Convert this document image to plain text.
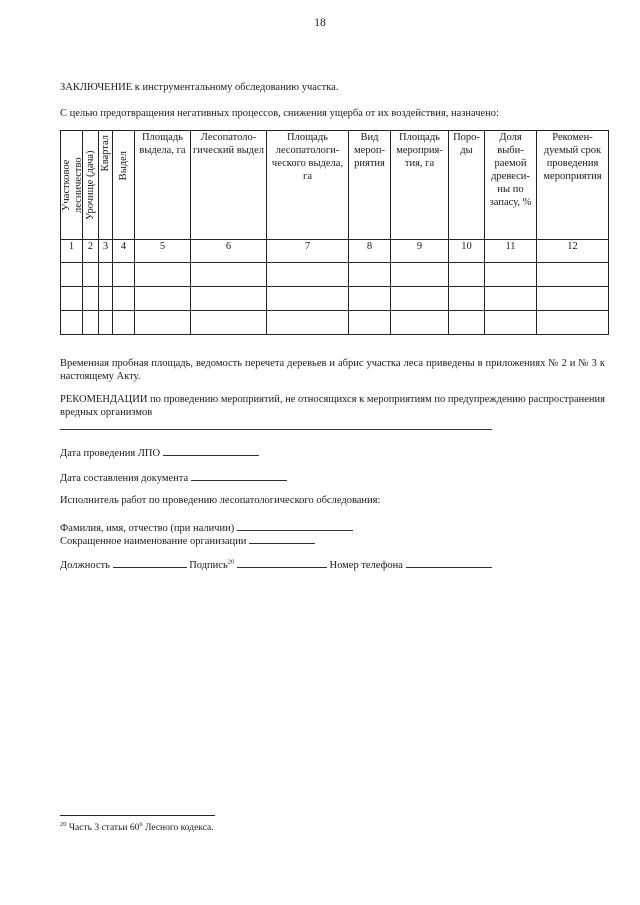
18
ЗАКЛЮЧЕНИЕ к инструментальному обследованию участка.
С целью предотвращения негативных процессов, снижения ущерба от их воздействия, назначено:
Участковое лесничество	Урочище (дача)	Квартал	Выдел	Площадь выдела, га	Лесопатоло-гический выдел	Площадь лесопатологи-ческого выдела, га	Вид мероп-риятия	Площадь мероприя-тия, га	Поро-ды	Доля выби-раемой древеси-ны по запасу, %	Рекомен-дуемый срок проведения мероприятия
1	2	3	4	5	6	7	8	9	10	11	12

Временная пробная площадь, ведомость перечета деревьев и абрис участка леса приведены в приложениях № 2 и № 3 к настоящему Акту.
РЕКОМЕНДАЦИИ по проведению мероприятий, не относящихся к мероприятиям по предупреждению распространения вредных организмов
Дата проведения ЛПО
Дата составления документа
Исполнитель работ по проведению лесопатологического обследования:
Фамилия, имя, отчество (при наличии)
Сокращенное наименование организации
Должность	Подпись$^{20}$	Номер телефона
$^{20}$ Часть 3 статьи $60^6$ Лесного кодекса.
